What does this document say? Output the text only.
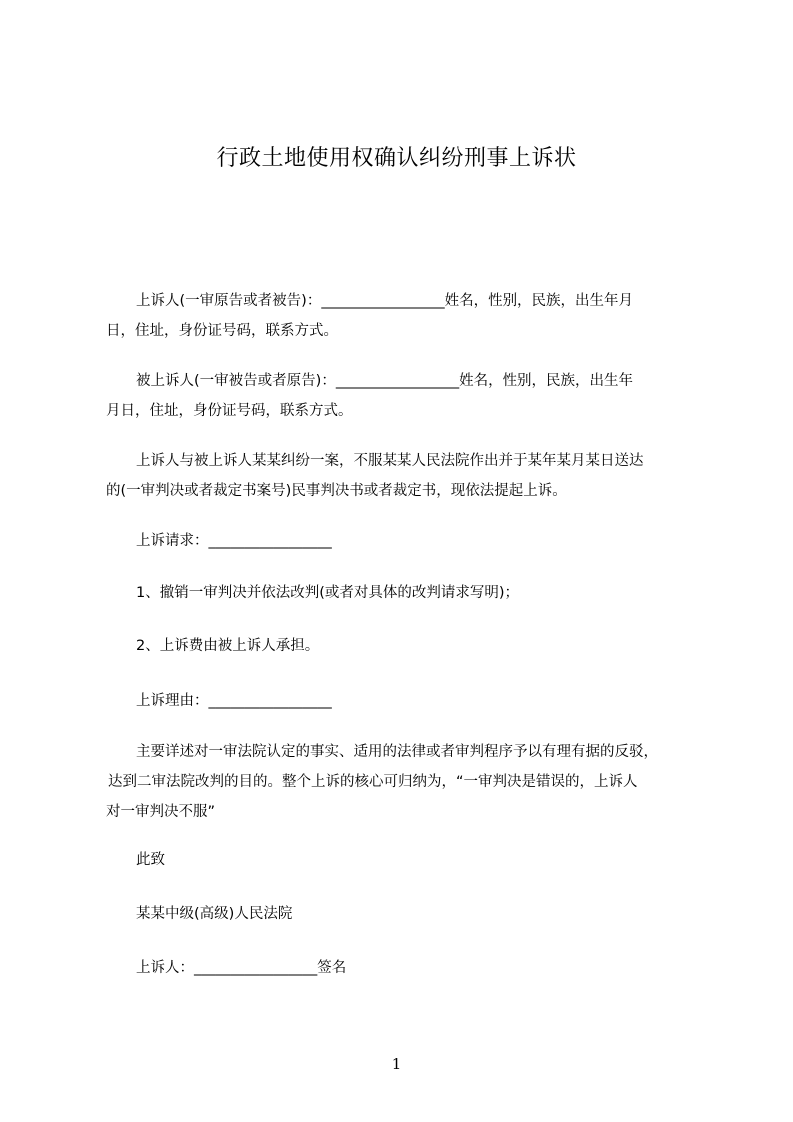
行政土地使用权确认纠纷刑事上诉状
上诉人(一审原告或者被告)：_________________姓名，性别，民族，出生年月
日，住址，身份证号码，联系方式。
被上诉人(一审被告或者原告)：_________________姓名，性别，民族，出生年
月日，住址，身份证号码，联系方式。
上诉人与被上诉人某某纠纷一案，不服某某人民法院作出并于某年某月某日送达
的(一审判决或者裁定书案号)民事判决书或者裁定书，现依法提起上诉。
上诉请求：_________________
1、撤销一审判决并依法改判(或者对具体的改判请求写明)；
2、上诉费由被上诉人承担。
上诉理由：_________________
主要详述对一审法院认定的事实、适用的法律或者审判程序予以有理有据的反驳，
达到二审法院改判的目的。整个上诉的核心可归纳为，“一审判决是错误的，上诉人
对一审判决不服”
此致
某某中级(高级)人民法院
上诉人：_________________签名
1
